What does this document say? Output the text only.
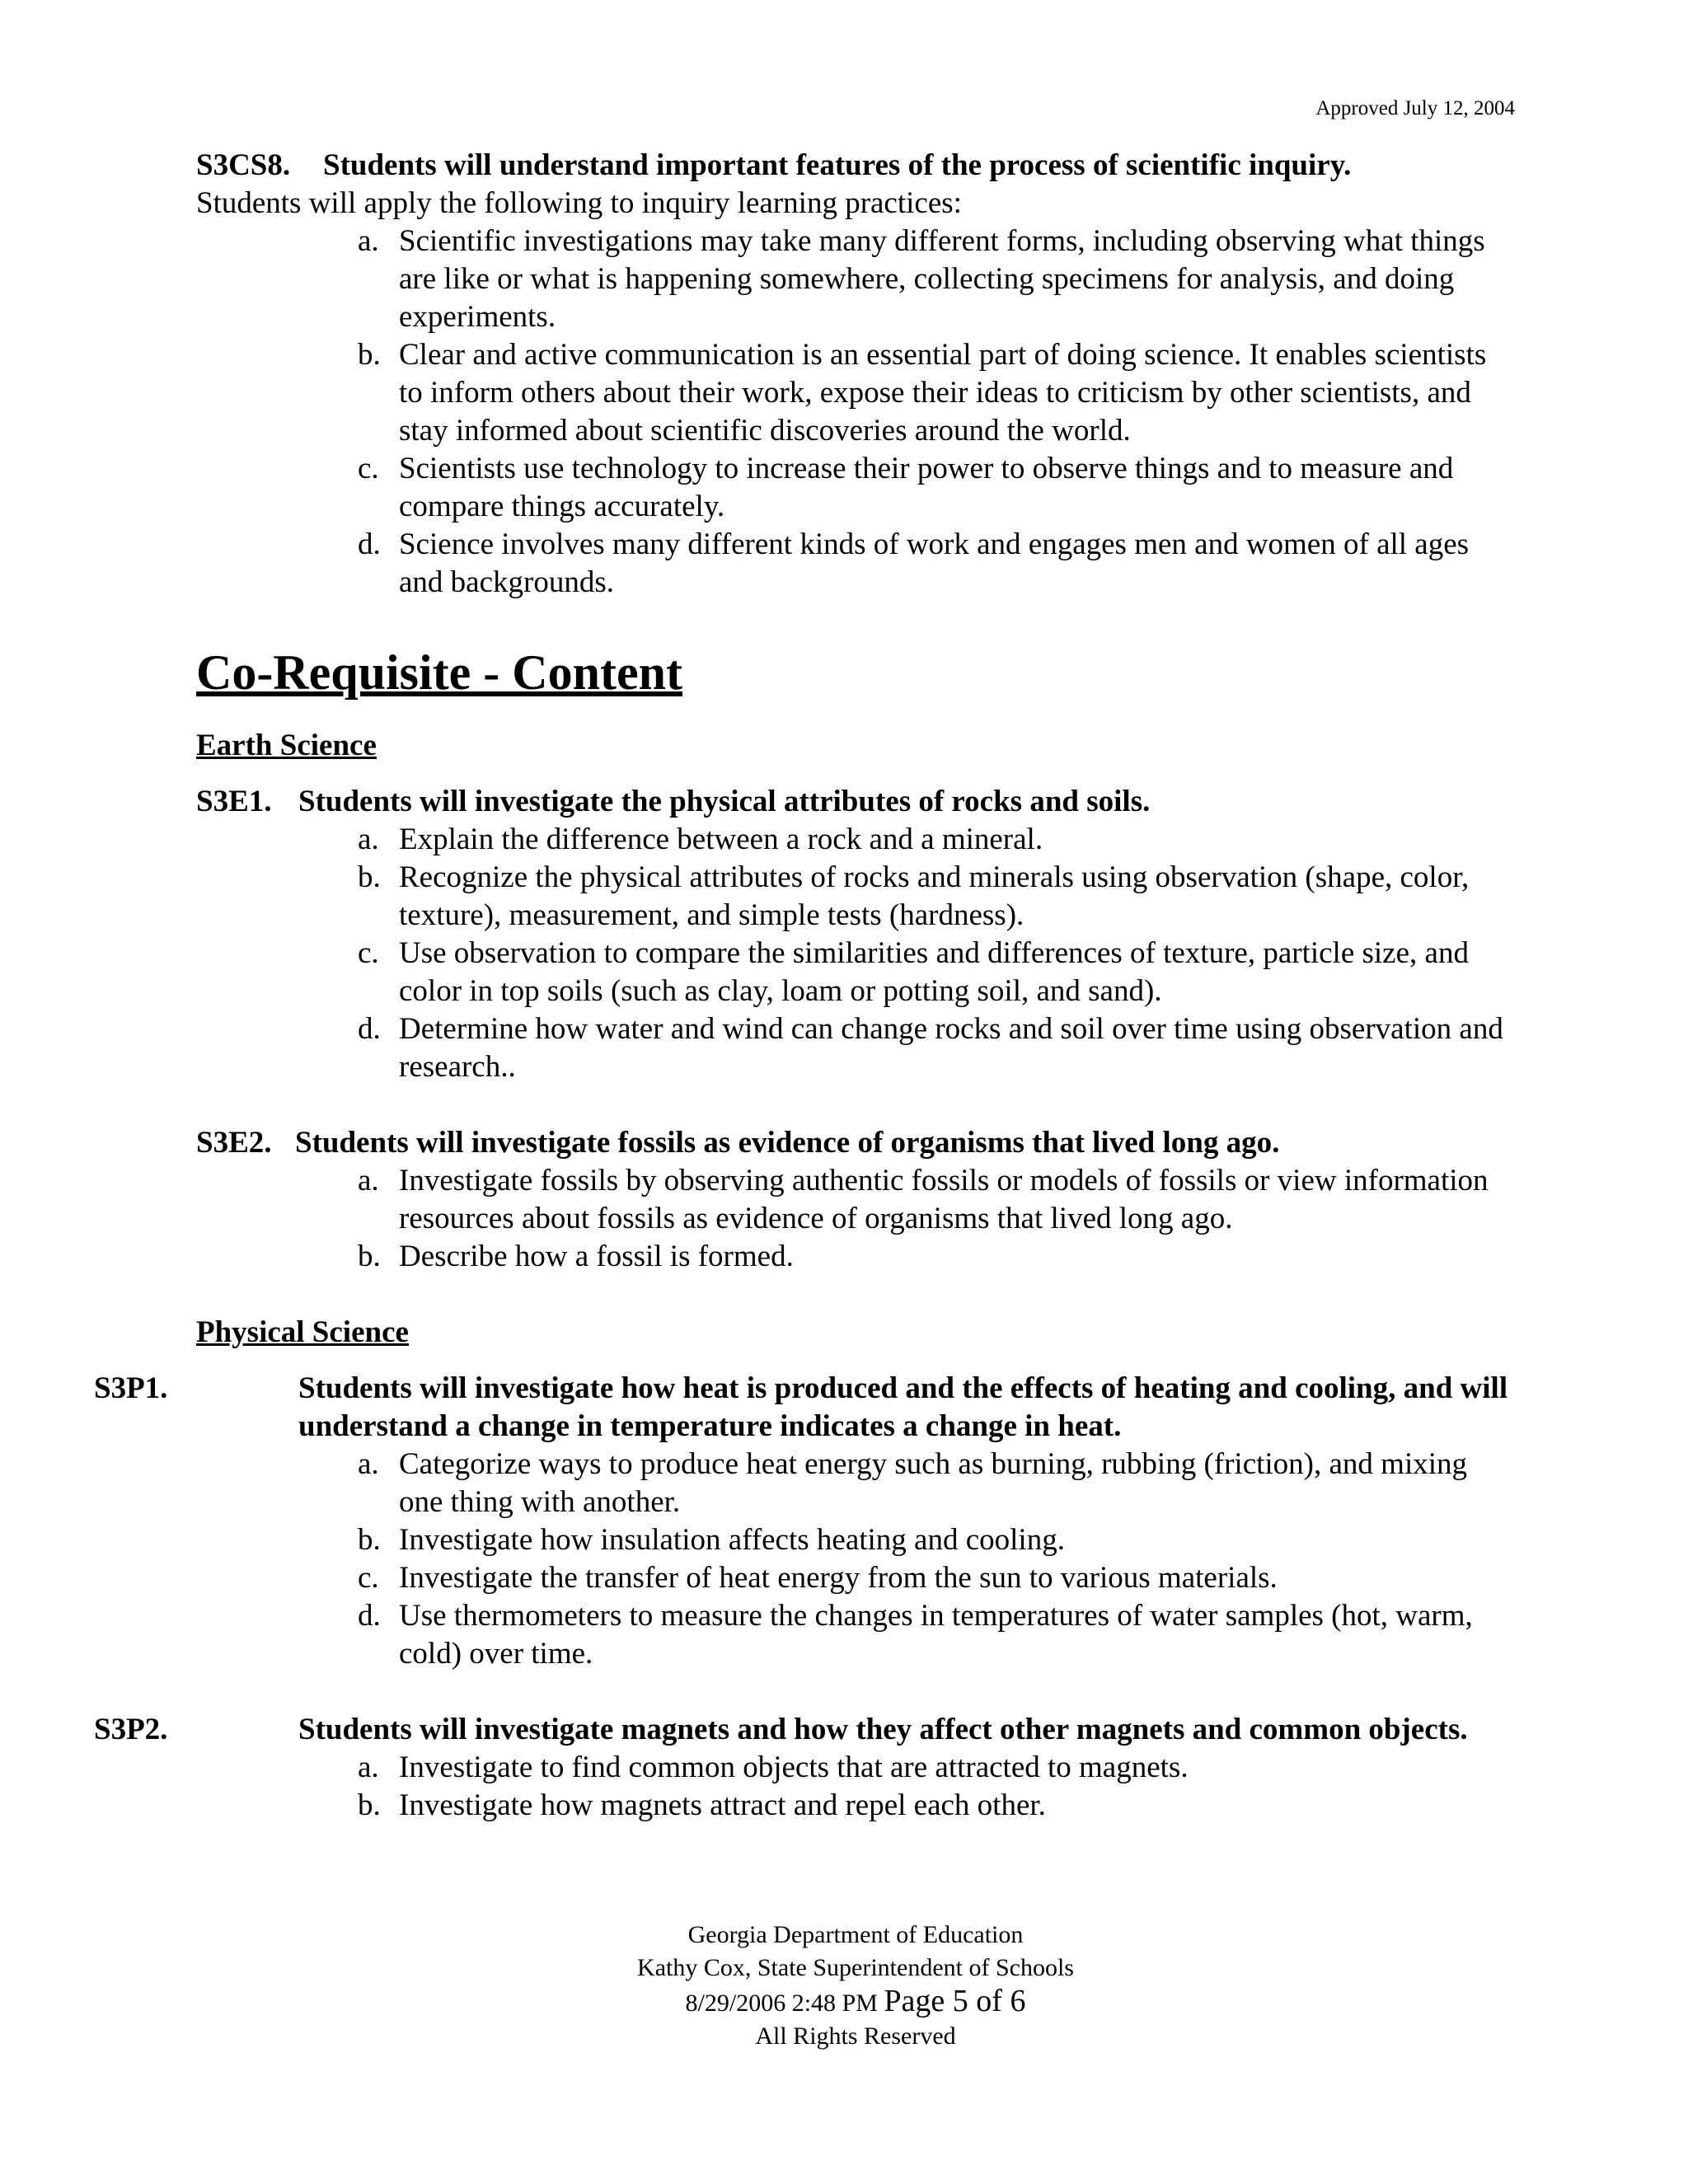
Approved July 12, 2004

S3CS8. Students will understand important features of the process of scientific inquiry.

Students will apply the following to inquiry learning practices:

a. Scientific investigations may take many different forms, including observing what things are like or what is happening somewhere, collecting specimens for analysis, and doing experiments.
b. Clear and active communication is an essential part of doing science. It enables scientists to inform others about their work, expose their ideas to criticism by other scientists, and stay informed about scientific discoveries around the world.
c. Scientists use technology to increase their power to observe things and to measure and compare things accurately.
d. Science involves many different kinds of work and engages men and women of all ages and backgrounds.
Co-Requisite - Content
Earth Science

S3E1. Students will investigate the physical attributes of rocks and soils.

a. Explain the difference between a rock and a mineral.
b. Recognize the physical attributes of rocks and minerals using observation (shape, color, texture), measurement, and simple tests (hardness).
c. Use observation to compare the similarities and differences of texture, particle size, and color in top soils (such as clay, loam or potting soil, and sand).
d. Determine how water and wind can change rocks and soil over time using observation and research..

S3E2. Students will investigate fossils as evidence of organisms that lived long ago.

a. Investigate fossils by observing authentic fossils or models of fossils or view information resources about fossils as evidence of organisms that lived long ago.
b. Describe how a fossil is formed.
Physical Science

S3P1.	Students will investigate how heat is produced and the effects of heating and cooling, and will understand a change in temperature indicates a change in heat.

a. Categorize ways to produce heat energy such as burning, rubbing (friction), and mixing one thing with another.
b. Investigate how insulation affects heating and cooling.
c. Investigate the transfer of heat energy from the sun to various materials.
d. Use thermometers to measure the changes in temperatures of water samples (hot, warm, cold) over time.

S3P2.	Students will investigate magnets and how they affect other magnets and common objects.

a. Investigate to find common objects that are attracted to magnets.
b. Investigate how magnets attract and repel each other.
Georgia Department of Education
Kathy Cox, State Superintendent of Schools
8/29/2006 2:48 PM Page 5 of 6
All Rights Reserved
